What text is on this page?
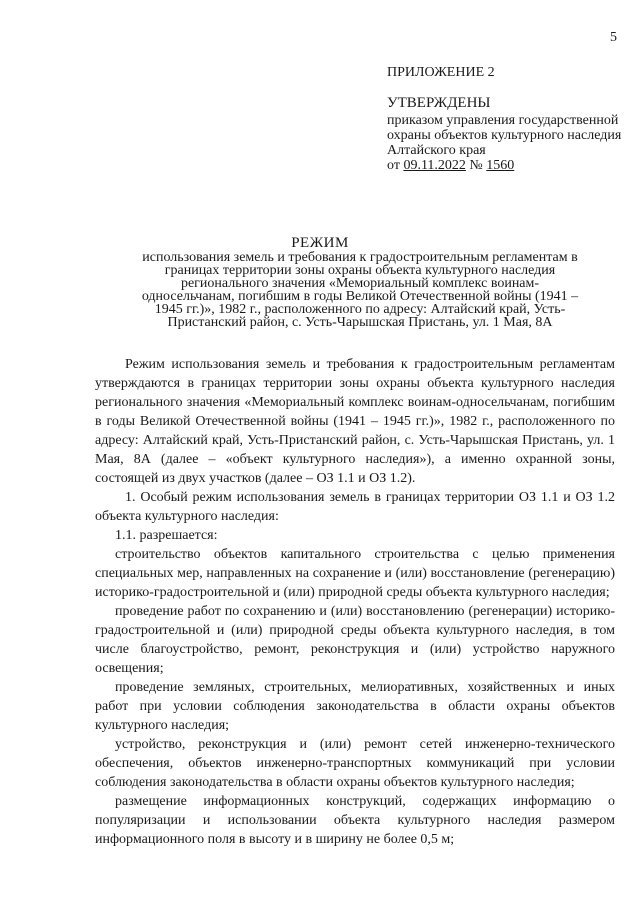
5
ПРИЛОЖЕНИЕ 2
УТВЕРЖДЕНЫ
приказом управления государственной охраны объектов культурного наследия Алтайского края
от 09.11.2022 № 1560
РЕЖИМ
использования земель и требования к градостроительным регламентам в границах территории зоны охраны объекта культурного наследия регионального значения «Мемориальный комплекс воинам-односельчанам, погибшим в годы Великой Отечественной войны (1941 – 1945 гг.)», 1982 г., расположенного по адресу: Алтайский край, Усть-Пристанский район, с. Усть-Чарышская Пристань, ул. 1 Мая, 8А

Режим использования земель и требования к градостроительным регламентам утверждаются в границах территории зоны охраны объекта культурного наследия регионального значения «Мемориальный комплекс воинам-односельчанам, погибшим в годы Великой Отечественной войны (1941 – 1945 гг.)», 1982 г., расположенного по адресу: Алтайский край, Усть-Пристанский район, с. Усть-Чарышская Пристань, ул. 1 Мая, 8А (далее – «объект культурного наследия»), а именно охранной зоны, состоящей из двух участков (далее – ОЗ 1.1 и ОЗ 1.2).

1. Особый режим использования земель в границах территории ОЗ 1.1 и ОЗ 1.2 объекта культурного наследия:

1.1. разрешается:

строительство объектов капитального строительства с целью применения специальных мер, направленных на сохранение и (или) восстановление (регенерацию) историко-градостроительной и (или) природной среды объекта культурного наследия;

проведение работ по сохранению и (или) восстановлению (регенерации) историко-градостроительной и (или) природной среды объекта культурного наследия, в том числе благоустройство, ремонт, реконструкция и (или) устройство наружного освещения;

проведение земляных, строительных, мелиоративных, хозяйственных и иных работ при условии соблюдения законодательства в области охраны объектов культурного наследия;

устройство, реконструкция и (или) ремонт сетей инженерно-технического обеспечения, объектов инженерно-транспортных коммуникаций при условии соблюдения законодательства в области охраны объектов культурного наследия;

размещение информационных конструкций, содержащих информацию о популяризации и использовании объекта культурного наследия размером информационного поля в высоту и в ширину не более 0,5 м;
